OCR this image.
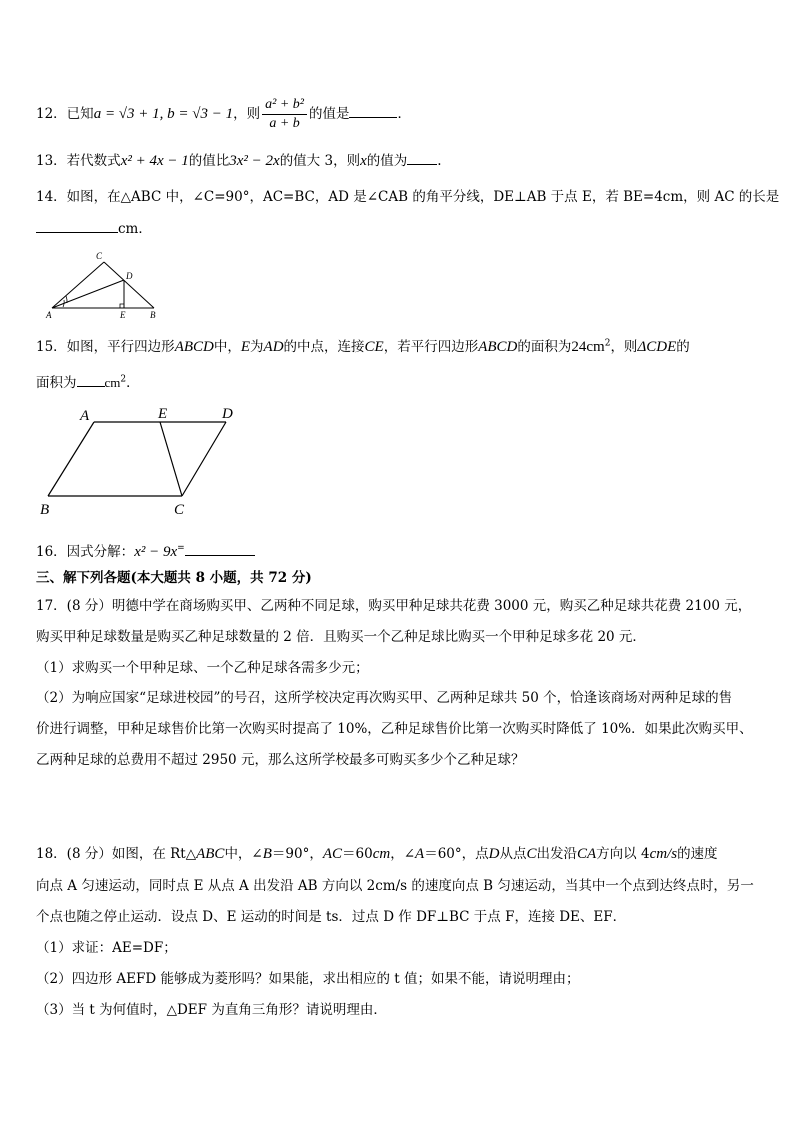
12．已知a = √3 + 1, b = √3 − 1，则 $\frac{\text{a² + b²}}{a + b}$ 的值是	．
13．若代数式x² + 4x − 1的值比3x² − 2x的值大 3，则x的值为 .
14．如图，在△ABC 中，∠C=90°，AC=BC，AD 是∠CAB 的角平分线，DE⊥AB 于点 E，若 BE=4cm，则 AC 的长是
cm．
C
D
A	E	B
15．如图，平行四边形ABCD中，E为AD的中点，连接CE，若平行四边形ABCD的面积为$24cm^2$，则ΔCDE的
面积为 $cm^2$．
A	E	D
B	C
16．因式分解：x² − 9x=
三、解下列各题(本大题共 8 小题，共 72 分)
17．(8 分）明德中学在商场购买甲、乙两种不同足球，购买甲种足球共花费 3000 元，购买乙种足球共花费 2100 元，
购买甲种足球数量是购买乙种足球数量的 2 倍．且购买一个乙种足球比购买一个甲种足球多花 20 元．
（1）求购买一个甲种足球、一个乙种足球各需多少元；
（2）为响应国家“足球进校园”的号召，这所学校决定再次购买甲、乙两种足球共 50 个，恰逢该商场对两种足球的售
价进行调整，甲种足球售价比第一次购买时提高了 10%，乙种足球售价比第一次购买时降低了 10%．如果此次购买甲、
乙两种足球的总费用不超过 2950 元，那么这所学校最多可购买多少个乙种足球？
18．(8 分）如图，在 Rt△ABC中，∠B＝90°，AC＝60cm，∠A＝60°，点D从点C出发沿CA方向以 4cm/s的速度
向点 A 匀速运动，同时点 E 从点 A 出发沿 AB 方向以 2cm/s 的速度向点 B 匀速运动，当其中一个点到达终点时，另一
个点也随之停止运动．设点 D、E 运动的时间是 ts．过点 D 作 DF⊥BC 于点 F，连接 DE、EF．
（1）求证：AE=DF；
（2）四边形 AEFD 能够成为菱形吗？如果能，求出相应的 t 值；如果不能，请说明理由；
（3）当 t 为何值时，△DEF 为直角三角形？请说明理由．
